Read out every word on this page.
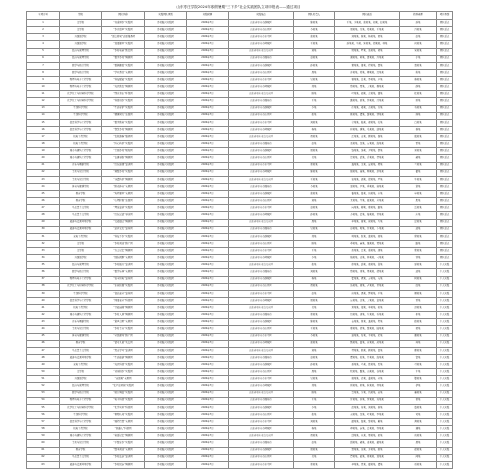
山东枣庄学院2024年寒假暑期“三下乡”社会实践团队立项申报表——通过项目
立项序号	学院	团队名称	实践团队类别	实践时间	实践地点	团队负责人	团队成员	指导老师	项目类别
1	文学院	“书香润乡”实践团	乡村振兴实践团	2024年7月	山东省枣庄市薛城区	陈某某	王某、李某某、张某某、刘某、赵某某	孙某	团队重点
2	文学院	“乡音留声”实践团	乡村振兴实践团	2024年7月	山东省枣庄市山亭区	李某某	周某某、吴某、郑某某、王某某	冯某某	团队重点
3	外国语学院	“语言桥梁”志愿服务团	乡村振兴实践团	2024年7月	山东省枣庄市市中区	张某某	刘某某、陈某、杨某某、黄某	赵某	团队重点
4	外国语学院	“双语课堂”实践团	乡村振兴实践团	2024年7月	山东省枣庄市峄城区	王某某	孙某某、马某、朱某某、胡某某、林某	何某某	团队重点
5	经济与管理学院	“乡村电商”助农团	乡村振兴实践团	2024年7月	山东省枣庄市台儿庄区	刘某	郭某某、罗某、高某某、梁某	宋某某	团队重点
6	经济与管理学院	“数字乡村”调研团	乡村振兴实践团	2024年7月	山东省枣庄市滕州市	赵某某	谢某某、韩某、唐某某、冯某某	于某	团队重点
7	数学与统计学院	“数据惠民”实践团	乡村振兴实践团	2024年7月	山东省枣庄市薛城区	孙某某	董某某、萧某、程某某、曹某	袁某某	团队重点
8	数学与统计学院	“学业帮扶”支教团	乡村振兴实践团	2024年7月	山东省枣庄市山亭区	周某	许某某、邓某、傅某某、沈某某	彭某	团队重点
9	物理与电子工程学院	“科技赋能”实践团	乡村振兴实践团	2024年7月	山东省枣庄市市中区	吴某某	曾某某、吕某、苏某某、卢某	蒋某某	团队重点
10	物理与电子工程学院	“光伏助农”调研团	乡村振兴实践团	2024年7月	山东省枣庄市峄城区	郑某	蔡某某、贾某、丁某某、魏某某	薛某	团队重点
11	化学化工与材料科学学院	“绿水青山”环保团	乡村振兴实践团	2024年7月	山东省枣庄市台儿庄区	陈某	叶某某、阎某、余某某、潘某	杜某某	团队重点
12	化学化工与材料科学学院	“科普进乡”实践团	乡村振兴实践团	2024年7月	山东省枣庄市滕州市	王某	戴某某、夏某、钟某某、汪某某	田某	团队重点
13	生命科学学院	“生态守护”实践团	乡村振兴实践团	2024年7月	山东省枣庄市薛城区	李某	任某某、姜某、范某某、方某	石某某	团队重点
14	生命科学学院	“健康同行”志愿团	乡村振兴实践团	2024年7月	山东省枣庄市山亭区	张某	姚某某、谭某、廖某某、邹某某	熊某	团队重点
15	信息科学与工程学院	“数字助老”实践团	乡村振兴实践团	2024年7月	山东省枣庄市市中区	刘某某	金某某、陆某、郝某某、孔某	白某某	团队重点
16	信息科学与工程学院	“智慧乡村”调研团	乡村振兴实践团	2024年7月	山东省枣庄市峄城区	杨某	崔某某、康某、毛某某、邱某某	秦某	团队重点
17	机电工程学院	“农机维修”服务团	乡村振兴实践团	2024年7月	山东省枣庄市台儿庄区	黄某某	江某某、史某、顾某某、侯某	邵某某	团队重点
18	机电工程学院	“匠心传承”实践团	乡村振兴实践团	2024年7月	山东省枣庄市滕州市	赵某	孟某某、龙某、万某某、段某某	雷某	团队重点
19	城市与建筑工程学院	“美丽乡村”规划团	乡村振兴实践团	2024年7月	山东省枣庄市薛城区	周某某	钱某某、汤某、尹某某、黎某	易某某	团队重点
20	城市与建筑工程学院	“古建寻踪”调研团	乡村振兴实践团	2024年7月	山东省枣庄市山亭区	吴某	常某某、武某、乔某某、贺某某	赖某	团队重点
21	音乐与舞蹈学院	“红色旋律”宣讲团	乡村振兴实践团	2024年7月	山东省枣庄市市中区	郑某某	龚某某、文某、庞某某、樊某	兰某某	团队重点
22	美术与设计学院	“墙绘乡村”实践团	乡村振兴实践团	2024年7月	山东省枣庄市峄城区	陈某某	殷某某、施某、陶某某、洪某某	翟某	团队重点
23	美术与设计学院	“非遗传承”调研团	乡村振兴实践团	2024年7月	山东省枣庄市台儿庄区	王某某	安某某、颜某、倪某某、严某	牛某某	团队重点
24	体育与健康学院	“阳光体育”支教团	乡村振兴实践团	2024年7月	山东省枣庄市滕州市	李某某	温某某、芦某、季某某、俞某某	章某	团队重点
25	教育学院	“筑梦课堂”支教团	乡村振兴实践团	2024年7月	山东省枣庄市薛城区	张某某	鲁某某、葛某、伍某某、韦某	申某某	团队重点
26	教育学院	“心理护航”志愿团	乡村振兴实践团	2024年7月	山东省枣庄市山亭区	刘某	尤某某、毕某、聂某某、丛某某	焦某	团队重点
27	马克思主义学院	“理论宣讲”实践团	乡村振兴实践团	2024年7月	山东省枣庄市市中区	赵某某	向某某、柳某、邢某某、路某	岳某某	团队重点
28	马克思主义学院	“红色足迹”寻访团	乡村振兴实践团	2024年7月	山东省枣庄市峄城区	孙某某	齐某某、沿某、梅某某、莫某某	庄某	团队重点
29	旅游与资源环境学院	“文旅融合”调研团	乡村振兴实践团	2024年7月	山东省枣庄市台儿庄区	周某	辛某某、管某、祝某某、左某	涂某某	团队重点
30	旅游与资源环境学院	“运河文化”宣传团	乡村振兴实践团	2024年7月	山东省枣庄市滕州市	吴某某	谷某某、时某、甘某某、卜某某	凌某	团队重点
31	光电工程学院	“科技下乡”实践团	乡村振兴实践团	2024年7月	山东省枣庄市薛城区	郑某	柯某某、阮某、蓝某某、闵某	席某某	团队重点
32	文学院	“乡村阅读”推广团	乡村振兴实践团	2024年7月	山东省枣庄市山亭区	陈某	季某某、麻某、强某某、贾某某	路某	团队重点
33	文学院	“方言记忆”调研团	乡村振兴实践团	2024年7月	山东省枣庄市市中区	王某	危某某、江某、童某某、颜某	郭某某	团队重点
34	外国语学院	“国际视野”支教团	乡村振兴实践团	2024年7月	山东省枣庄市峄城区	李某	梅某某、盛某、林某某、刁某某	钟某	团队重点
35	经济与管理学院	“乡村振兴”宣讲团	乡村振兴实践团	2024年7月	山东省枣庄市台儿庄区	张某	徐某某、邱某、骆某某、高某	夏某某	个人实践
36	数学与统计学院	“数学乐园”支教团	乡村振兴实践团	2024年7月	山东省枣庄市滕州市	刘某某	蔡某某、田某、樊某某、胡某某	凌某	个人实践
37	物理与电子工程学院	“安全用电”宣传团	乡村振兴实践团	2024年7月	山东省枣庄市薛城区	杨某	霍某某、虞某、万某某、支某	柯某某	个人实践
38	化学化工与材料科学学院	“水质检测”实践团	乡村振兴实践团	2024年7月	山东省枣庄市山亭区	黄某某	昝某某、管某、卢某某、莫某某	经某	个人实践
39	生命科学学院	“食品安全”宣传团	乡村振兴实践团	2024年7月	山东省枣庄市市中区	赵某	房某某、裘某、缪某某、干某	解某某	个人实践
40	信息科学与工程学院	“网络安全”科普团	乡村振兴实践团	2024年7月	山东省枣庄市峄城区	周某某	应某某、宗某、丁某某、宣某某	贲某	个人实践
41	机电工程学院	“节能减排”调研团	乡村振兴实践团	2024年7月	山东省枣庄市台儿庄区	吴某	邓某某、郁某、单某某、杭某	洪某某	个人实践
42	城市与建筑工程学院	“乡村人居”调研团	乡村振兴实践团	2024年7月	山东省枣庄市滕州市	郑某某	包某某、诸某、左某某、石某某	崔某	个人实践
43	音乐与舞蹈学院	“童声合唱”支教团	乡村振兴实践团	2024年7月	山东省枣庄市薛城区	陈某某	吉某某、钮某、龚某某、程某	嵇某某	个人实践
44	美术与设计学院	“乡村美育”实践团	乡村振兴实践团	2024年7月	山东省枣庄市山亭区	王某某	邢某某、滑某、裴某某、陆某某	荣某	个人实践
45	体育与健康学院	“全民健身”推广团	乡村振兴实践团	2024年7月	山东省枣庄市市中区	李某某	翁某某、荀某、羊某某、於某	惠某某	个人实践
46	教育学院	“留守儿童”关爱团	乡村振兴实践团	2024年7月	山东省枣庄市峄城区	张某某	甄某某、曲某、家某某、封某某	芮某	个人实践
47	马克思主义学院	“党史学习”宣讲团	乡村振兴实践团	2024年7月	山东省枣庄市台儿庄区	刘某	羿某某、储某、靳某某、汲某	邴某某	个人实践
48	旅游与资源环境学院	“生态旅游”调研团	乡村振兴实践团	2024年7月	山东省枣庄市滕州市	赵某某	糜某某、松某、井某某、段某某	富某	个人实践
49	光电工程学院	“光伏科普”实践团	乡村振兴实践团	2024年7月	山东省枣庄市薛城区	孙某某	巫某某、乌某、焦某某、巴某	弓某某	个人实践
50	文学院	“诗词进乡”实践团	乡村振兴实践团	2024年7月	山东省枣庄市山亭区	周某	牧某某、隗某、山某某、谷某某	车某	个人实践
51	外国语学院	“英语角”支教团	乡村振兴实践团	2024年7月	山东省枣庄市市中区	吴某某	侯某某、宓某、蓬某某、全某	郗某某	个人实践
52	经济与管理学院	“农产品营销”实践团	乡村振兴实践团	2024年7月	山东省枣庄市峄城区	郑某	班某某、仰某、秋某某、仲某某	伊某	个人实践
53	数学与统计学院	“统计调查”实践团	乡村振兴实践团	2024年7月	山东省枣庄市台儿庄区	陈某	宫某某、宁某、仇某某、栾某	暴某某	个人实践
54	物理与电子工程学院	“电子科普”实践团	乡村振兴实践团	2024年7月	山东省枣庄市滕州市	王某	甘某某、钭某、厉某某、戎某某	祖某	个人实践
55	化学化工与材料科学学院	“化学实验”科普团	乡村振兴实践团	2024年7月	山东省枣庄市薛城区	李某	武某某、符某、刘某某、景某	詹某某	个人实践
56	生命科学学院	“植物认知”实践团	乡村振兴实践团	2024年7月	山东省枣庄市山亭区	张某	束某某、龙某、叶某某、幸某某	司某	个人实践
57	信息科学与工程学院	“编程启蒙”支教团	乡村振兴实践团	2024年7月	山东省枣庄市市中区	刘某某	韶某某、郜某、黎某某、蓟某	薄某某	个人实践
58	机电工程学院	“机器人”科普团	乡村振兴实践团	2024年7月	山东省枣庄市峄城区	杨某	印某某、宿某、白某某、怀某某	蒲某	个人实践
59	城市与建筑工程学院	“老街记忆”调研团	乡村振兴实践团	2024年7月	山东省枣庄市台儿庄区	黄某某	邰某某、从某、鄂某某、索某	咸某某	个人实践
60	美术与设计学院	“手绘家乡”实践团	乡村振兴实践团	2024年7月	山东省枣庄市滕州市	赵某	籍某某、赖某、卓某某、蔺某某	屠某	个人实践
61	教育学院	“绘本阅读”支教团	乡村振兴实践团	2024年7月	山东省枣庄市薛城区	周某某	蒙某某、池某、乔某某、阴某	郁某某	个人实践
62	马克思主义学院	“乡村法治”宣讲团	乡村振兴实践团	2024年7月	山东省枣庄市山亭区	吴某	胥某某、能某、苍某某、双某某	闻某	个人实践
63	旅游与资源环境学院	“乡村民宿”调研团	乡村振兴实践团	2024年7月	山东省枣庄市市中区	郑某某	莘某某、党某、翟某某、谭某	贡某某	个人实践
